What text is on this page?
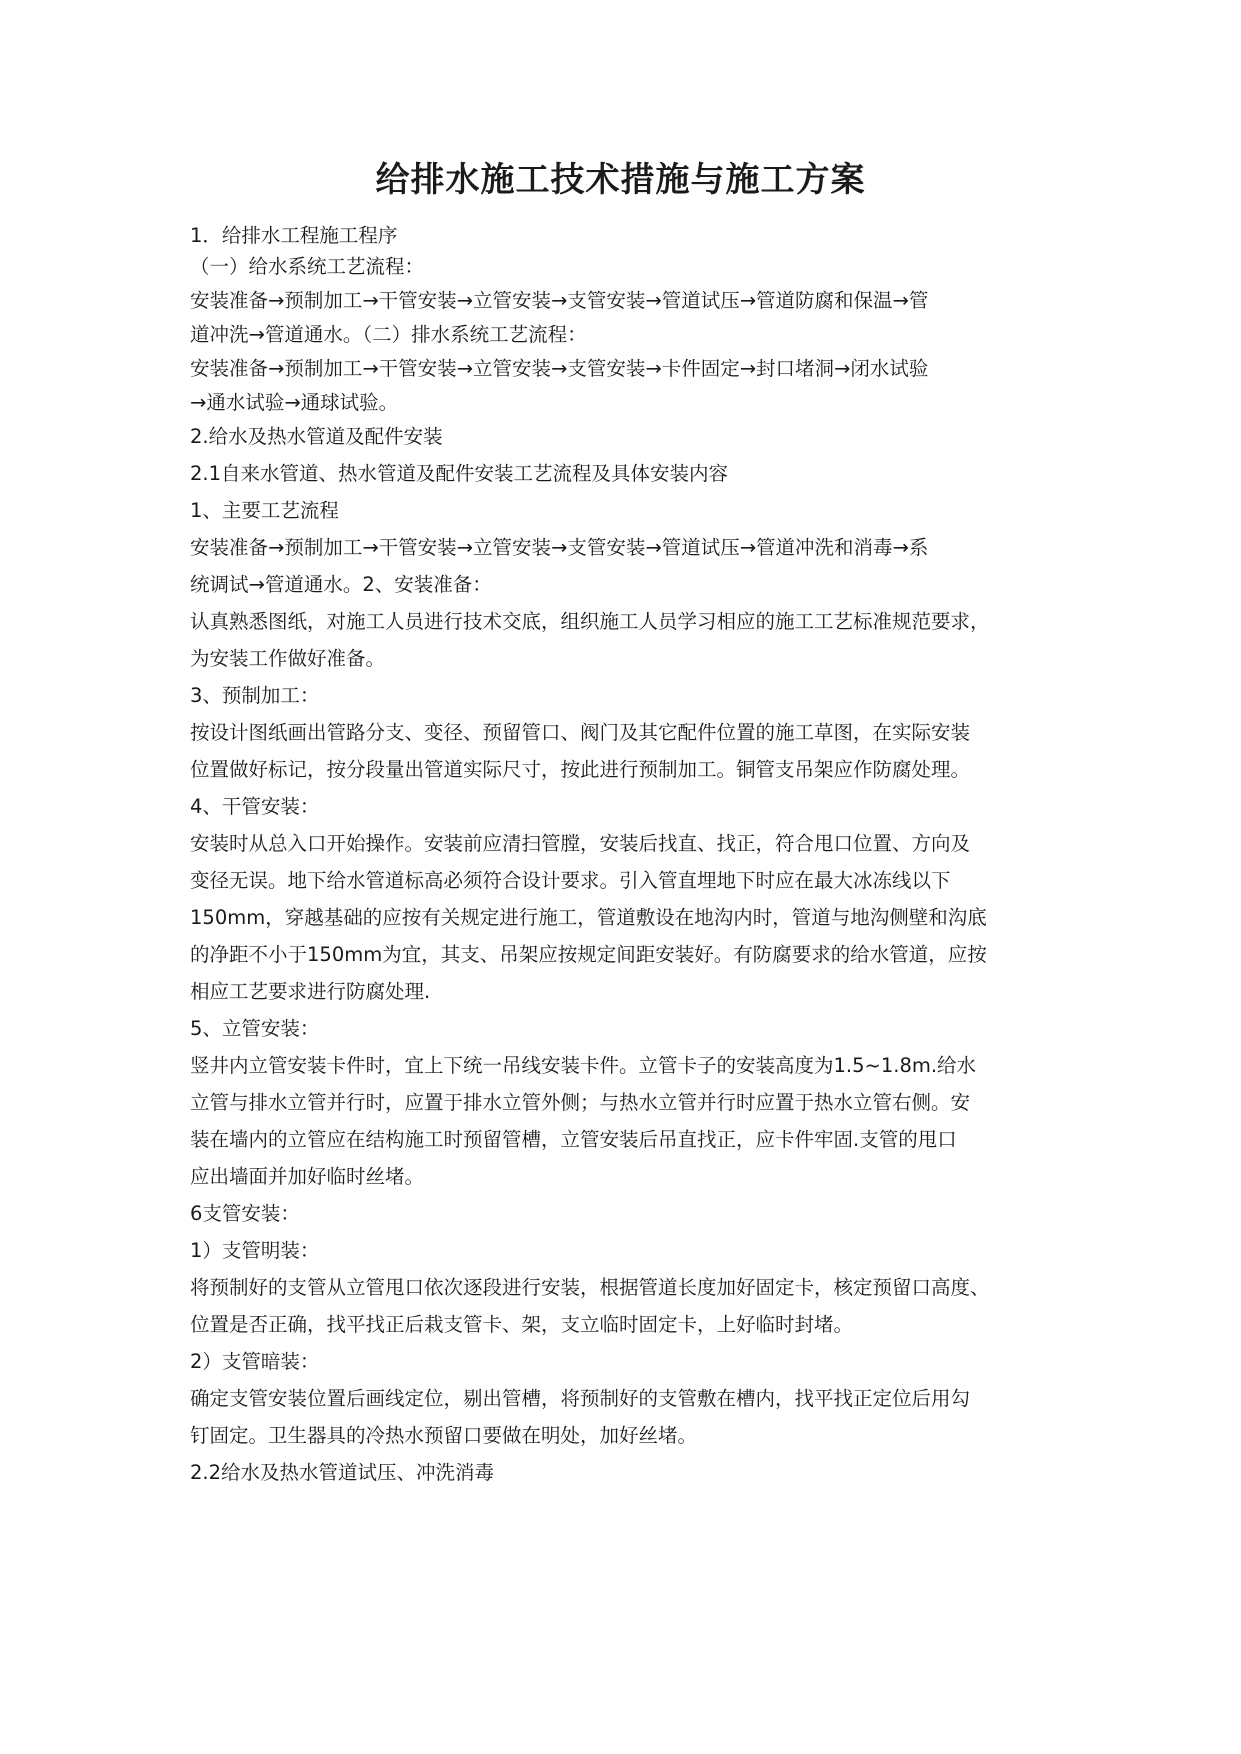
给排水施工技术措施与施工方案

1．给排水工程施工程序

（一）给水系统工艺流程：

安装准备→预制加工→干管安装→立管安装→支管安装→管道试压→管道防腐和保温→管

道冲洗→管道通水。（二）排水系统工艺流程：

安装准备→预制加工→干管安装→立管安装→支管安装→卡件固定→封口堵洞→闭水试验

→通水试验→通球试验。

2.给水及热水管道及配件安装

2.1自来水管道、热水管道及配件安装工艺流程及具体安装内容

1、主要工艺流程

安装准备→预制加工→干管安装→立管安装→支管安装→管道试压→管道冲洗和消毒→系

统调试→管道通水。2、安装准备：

认真熟悉图纸，对施工人员进行技术交底，组织施工人员学习相应的施工工艺标准规范要求，

为安装工作做好准备。

3、预制加工：

按设计图纸画出管路分支、变径、预留管口、阀门及其它配件位置的施工草图，在实际安装

位置做好标记，按分段量出管道实际尺寸，按此进行预制加工。铜管支吊架应作防腐处理。

4、干管安装：

安装时从总入口开始操作。安装前应清扫管膛，安装后找直、找正，符合甩口位置、方向及

变径无误。地下给水管道标高必须符合设计要求。引入管直埋地下时应在最大冰冻线以下

150mm，穿越基础的应按有关规定进行施工，管道敷设在地沟内时，管道与地沟侧壁和沟底

的净距不小于150mm为宜，其支、吊架应按规定间距安装好。有防腐要求的给水管道，应按

相应工艺要求进行防腐处理.

5、立管安装：

竖井内立管安装卡件时，宜上下统一吊线安装卡件。立管卡子的安装高度为1.5~1.8m.给水

立管与排水立管并行时，应置于排水立管外侧；与热水立管并行时应置于热水立管右侧。安

装在墙内的立管应在结构施工时预留管槽，立管安装后吊直找正，应卡件牢固.支管的甩口

应出墙面并加好临时丝堵。

6支管安装：

1）支管明装：

将预制好的支管从立管甩口依次逐段进行安装，根据管道长度加好固定卡，核定预留口高度、

位置是否正确，找平找正后栽支管卡、架，支立临时固定卡，上好临时封堵。

2）支管暗装：

确定支管安装位置后画线定位，剔出管槽，将预制好的支管敷在槽内，找平找正定位后用勾

钉固定。卫生器具的冷热水预留口要做在明处，加好丝堵。

2.2给水及热水管道试压、冲洗消毒
